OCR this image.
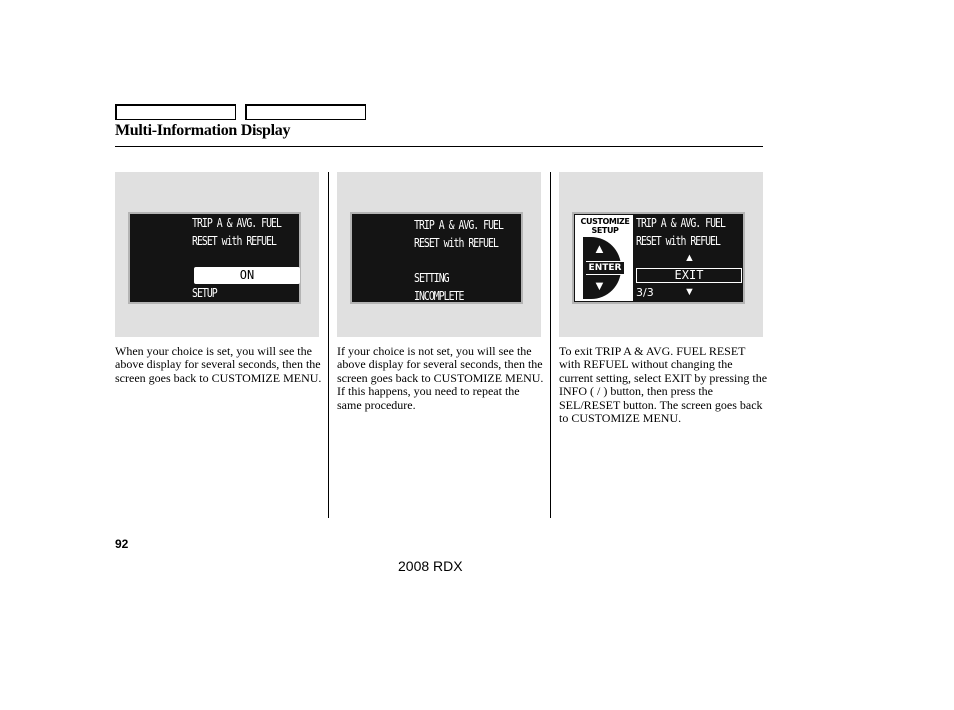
Multi-Information Display
TRIP A & AVG. FUEL
RESET with REFUEL
ON
SETUP
TRIP A & AVG. FUEL
RESET with REFUEL
SETTING
INCOMPLETE
CUSTOMIZE
SETUP
▲
ENTER
▼
TRIP A & AVG. FUEL
RESET with REFUEL
▲
EXIT
▼
3/3
When your choice is set, you will see the above display for several seconds, then the screen goes back to CUSTOMIZE MENU.
If your choice is not set, you will see the above display for several seconds, then the screen goes back to CUSTOMIZE MENU. If this happens, you need to repeat the same procedure.
To exit TRIP A & AVG. FUEL RESET with REFUEL without changing the current setting, select EXIT by pressing the INFO ( / ) button, then press the SEL/RESET button. The screen goes back to CUSTOMIZE MENU.
92
2008 RDX
